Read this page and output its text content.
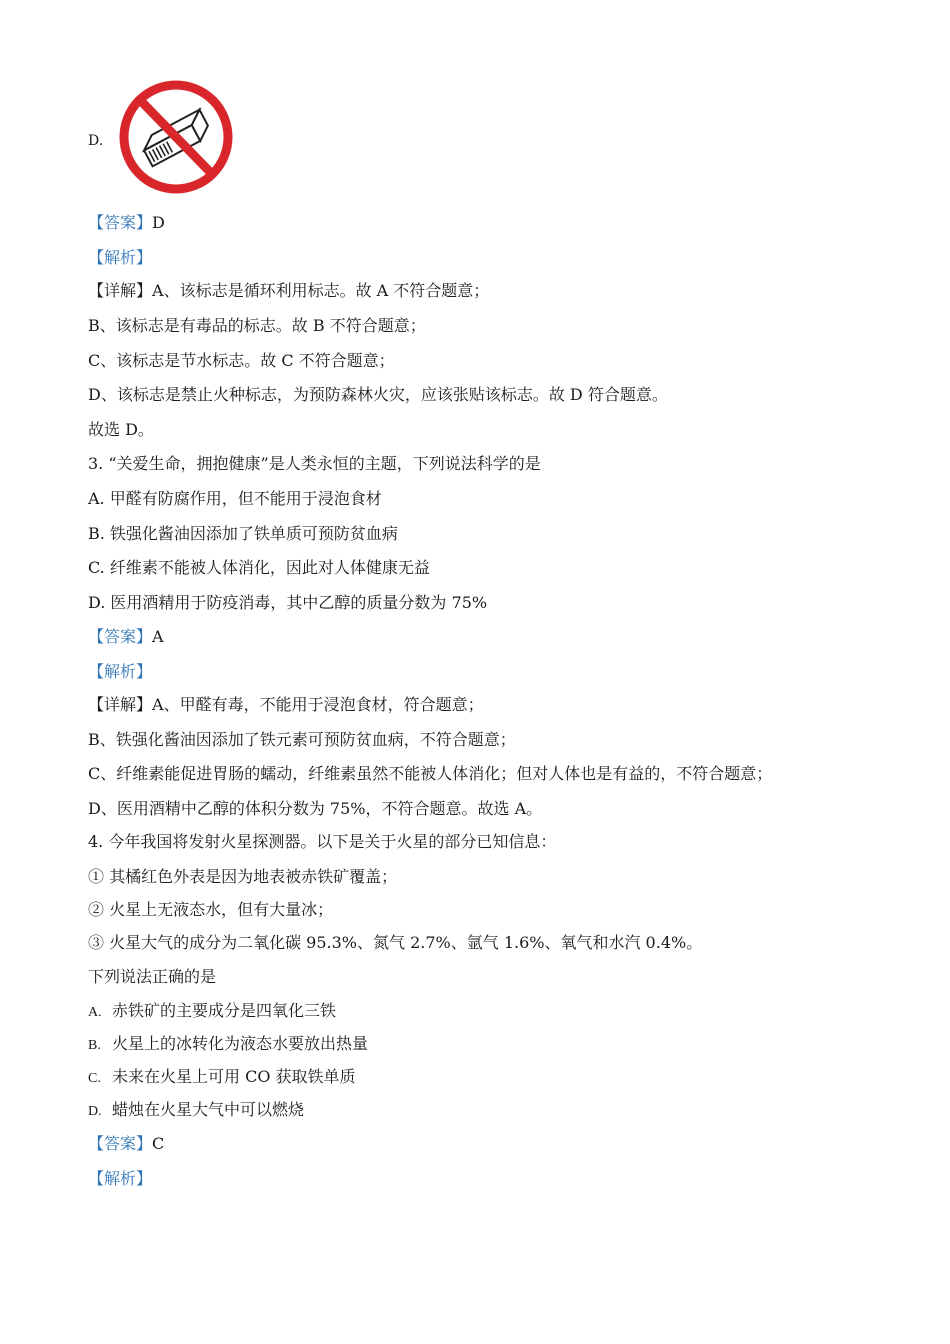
D.
【答案】D
【解析】
【详解】A、该标志是循环利用标志。故 A 不符合题意；
B、该标志是有毒品的标志。故 B 不符合题意；
C、该标志是节水标志。故 C 不符合题意；
D、该标志是禁止火种标志，为预防森林火灾，应该张贴该标志。故 D 符合题意。
故选 D。
3. “关爱生命，拥抱健康”是人类永恒的主题，下列说法科学的是
A. 甲醛有防腐作用，但不能用于浸泡食材
B. 铁强化酱油因添加了铁单质可预防贫血病
C. 纤维素不能被人体消化，因此对人体健康无益
D. 医用酒精用于防疫消毒，其中乙醇的质量分数为 75%
【答案】A
【解析】
【详解】A、甲醛有毒，不能用于浸泡食材，符合题意；
B、铁强化酱油因添加了铁元素可预防贫血病，不符合题意；
C、纤维素能促进胃肠的蠕动，纤维素虽然不能被人体消化；但对人体也是有益的，不符合题意；
D、医用酒精中乙醇的体积分数为 75%，不符合题意。故选 A。
4. 今年我国将发射火星探测器。以下是关于火星的部分已知信息：
① 其橘红色外表是因为地表被赤铁矿覆盖；
② 火星上无液态水，但有大量冰；
③ 火星大气的成分为二氧化碳 95.3%、氮气 2.7%、氩气 1.6%、氧气和水汽 0.4%。
下列说法正确的是
A. 赤铁矿的主要成分是四氧化三铁
B. 火星上的冰转化为液态水要放出热量
C. 未来在火星上可用 CO 获取铁单质
D. 蜡烛在火星大气中可以燃烧
【答案】C
【解析】
